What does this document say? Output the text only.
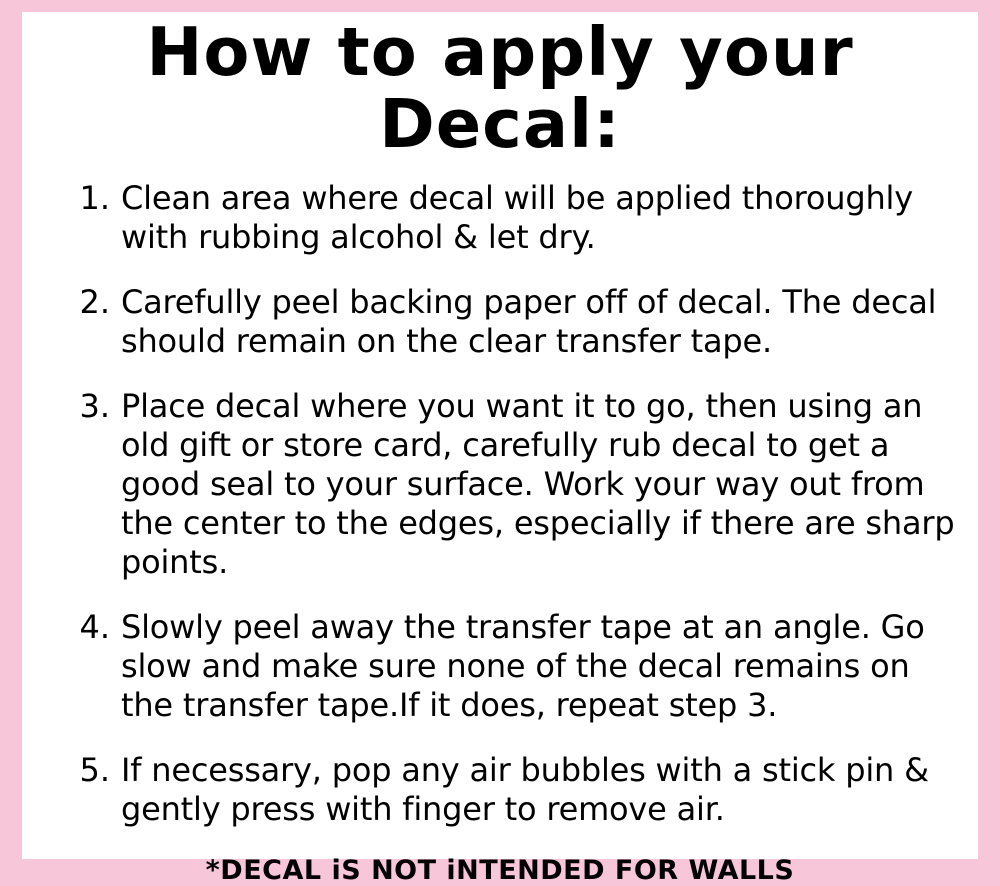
How to apply your Decal:
1. Clean area where decal will be applied thoroughly with rubbing alcohol & let dry.
2. Carefully peel backing paper off of decal. The decal should remain on the clear transfer tape.
3. Place decal where you want it to go, then using an old gift or store card, carefully rub decal to get a good seal to your surface. Work your way out from the center to the edges, especially if there are sharp points.
4. Slowly peel away the transfer tape at an angle. Go slow and make sure none of the decal remains on the transfer tape.If it does, repeat step 3.
5. If necessary, pop any air bubbles with a stick pin & gently press with finger to remove air.

*DECAL iS NOT iNTENDED FOR WALLS
